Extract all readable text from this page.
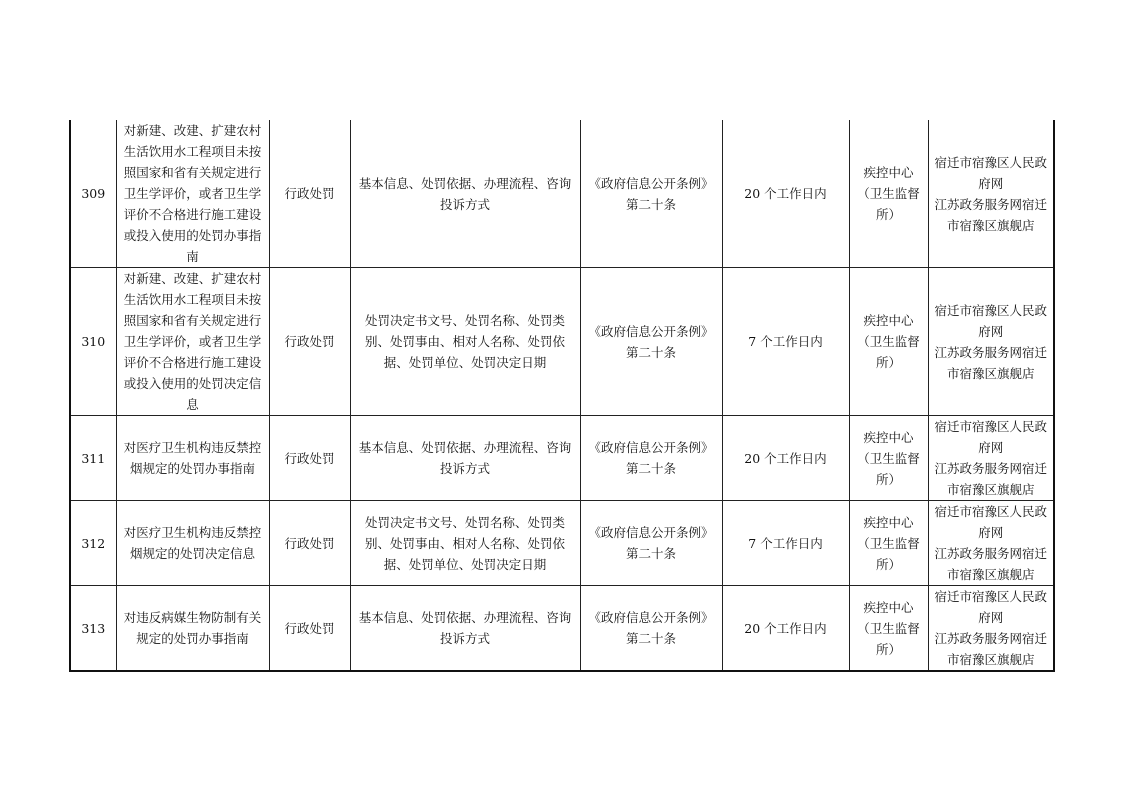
309	对新建、改建、扩建农村生活饮用水工程项目未按照国家和省有关规定进行卫生学评价，或者卫生学评价不合格进行施工建设或投入使用的处罚办事指南	行政处罚	基本信息、处罚依据、办理流程、咨询投诉方式	《政府信息公开条例》第二十条	20 个工作日内	疾控中心（卫生监督所）	宿迁市宿豫区人民政府网
江苏政务服务网宿迁市宿豫区旗舰店
310	对新建、改建、扩建农村生活饮用水工程项目未按照国家和省有关规定进行卫生学评价，或者卫生学评价不合格进行施工建设或投入使用的处罚决定信息	行政处罚	处罚决定书文号、处罚名称、处罚类别、处罚事由、相对人名称、处罚依据、处罚单位、处罚决定日期	《政府信息公开条例》第二十条	7 个工作日内	疾控中心（卫生监督所）	宿迁市宿豫区人民政府网
江苏政务服务网宿迁市宿豫区旗舰店
311	对医疗卫生机构违反禁控烟规定的处罚办事指南	行政处罚	基本信息、处罚依据、办理流程、咨询投诉方式	《政府信息公开条例》第二十条	20 个工作日内	疾控中心（卫生监督所）	宿迁市宿豫区人民政府网
江苏政务服务网宿迁市宿豫区旗舰店
312	对医疗卫生机构违反禁控烟规定的处罚决定信息	行政处罚	处罚决定书文号、处罚名称、处罚类别、处罚事由、相对人名称、处罚依据、处罚单位、处罚决定日期	《政府信息公开条例》第二十条	7 个工作日内	疾控中心（卫生监督所）	宿迁市宿豫区人民政府网
江苏政务服务网宿迁市宿豫区旗舰店
313	对违反病媒生物防制有关规定的处罚办事指南	行政处罚	基本信息、处罚依据、办理流程、咨询投诉方式	《政府信息公开条例》第二十条	20 个工作日内	疾控中心（卫生监督所）	宿迁市宿豫区人民政府网
江苏政务服务网宿迁市宿豫区旗舰店
